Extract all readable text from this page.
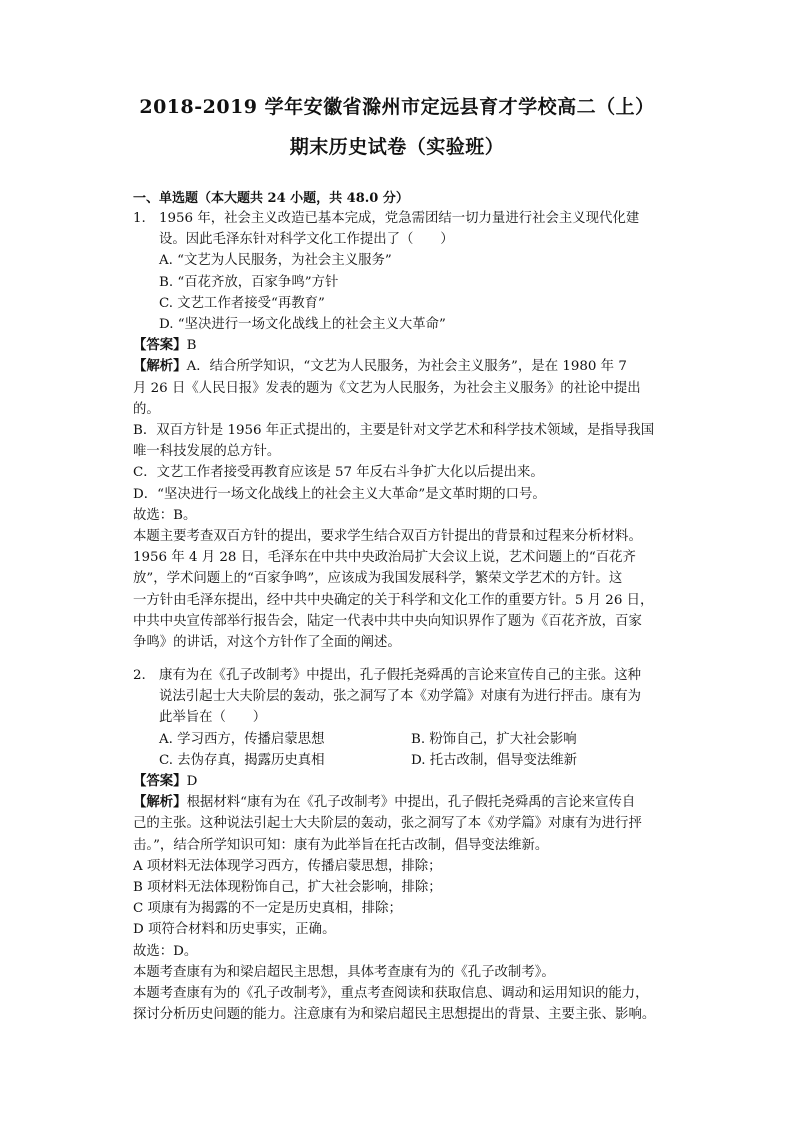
2018-2019 学年安徽省滁州市定远县育才学校高二（上）
期末历史试卷（实验班）
一、单选题（本大题共 24 小题，共 48.0 分）
1. 1956 年，社会主义改造已基本完成，党急需团结一切力量进行社会主义现代化建
设。因此毛泽东针对科学文化工作提出了（　　）
A. “文艺为人民服务，为社会主义服务”
B. “百花齐放，百家争鸣”方针
C. 文艺工作者接受“再教育”
D. “坚决进行一场文化战线上的社会主义大革命”
【答案】B
【解析】A．结合所学知识，“文艺为人民服务，为社会主义服务”，是在 1980 年 7
月 26 日《人民日报》发表的题为《文艺为人民服务，为社会主义服务》的社论中提出
的。
B．双百方针是 1956 年正式提出的，主要是针对文学艺术和科学技术领域，是指导我国
唯一科技发展的总方针。
C．文艺工作者接受再教育应该是 57 年反右斗争扩大化以后提出来。
D．“坚决进行一场文化战线上的社会主义大革命”是文革时期的口号。
故选：B。
本题主要考查双百方针的提出，要求学生结合双百方针提出的背景和过程来分析材料。
1956 年 4 月 28 日，毛泽东在中共中央政治局扩大会议上说，艺术问题上的“百花齐
放”，学术问题上的“百家争鸣”，应该成为我国发展科学，繁荣文学艺术的方针。这
一方针由毛泽东提出，经中共中央确定的关于科学和文化工作的重要方针。5 月 26 日，
中共中央宣传部举行报告会，陆定一代表中共中央向知识界作了题为《百花齐放，百家
争鸣》的讲话，对这个方针作了全面的阐述。
2. 康有为在《孔子改制考》中提出，孔子假托尧舜禹的言论来宣传自己的主张。这种
说法引起士大夫阶层的轰动，张之洞写了本《劝学篇》对康有为进行抨击。康有为
此举旨在（　　）
A. 学习西方，传播启蒙思想	B. 粉饰自己，扩大社会影响
C. 去伪存真，揭露历史真相	D. 托古改制，倡导变法维新
【答案】D
【解析】根据材料“康有为在《孔子改制考》中提出，孔子假托尧舜禹的言论来宣传自
己的主张。这种说法引起士大夫阶层的轰动，张之洞写了本《劝学篇》对康有为进行抨
击。”，结合所学知识可知：康有为此举旨在托古改制，倡导变法维新。
A 项材料无法体现学习西方，传播启蒙思想，排除；
B 项材料无法体现粉饰自己，扩大社会影响，排除；
C 项康有为揭露的不一定是历史真相，排除；
D 项符合材料和历史事实，正确。
故选：D。
本题考查康有为和梁启超民主思想，具体考查康有为的《孔子改制考》。
本题考查康有为的《孔子改制考》，重点考查阅读和获取信息、调动和运用知识的能力，
探讨分析历史问题的能力。注意康有为和梁启超民主思想提出的背景、主要主张、影响。
